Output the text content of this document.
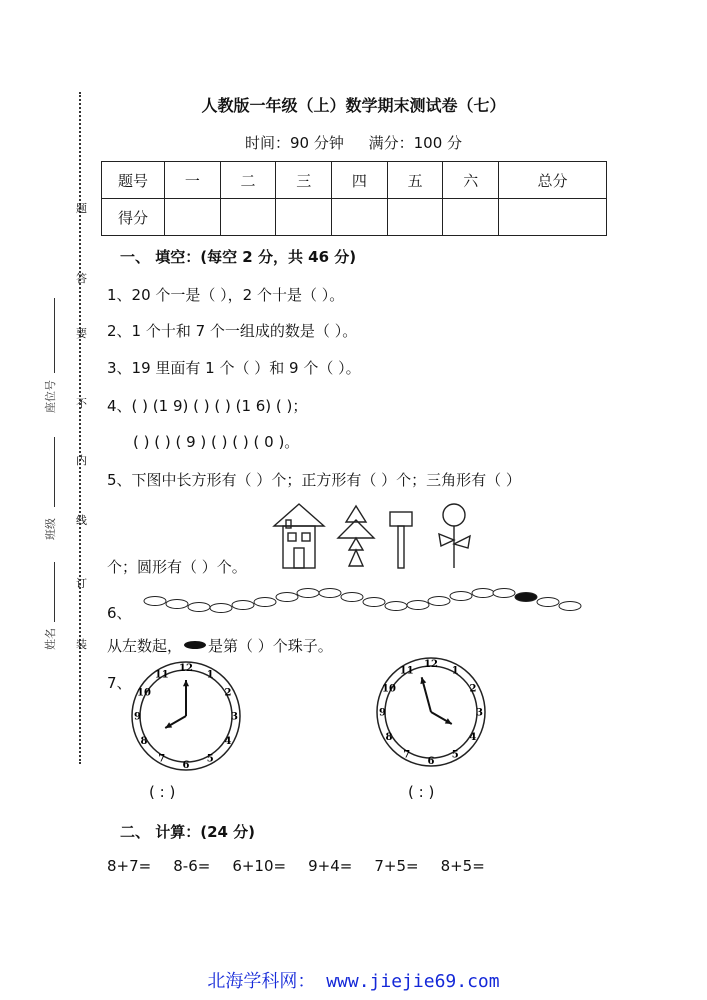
题
答
要
不
内
线
订
装
姓名
班级
座位号
人教版一年级（上）数学期末测试卷（七）
时间：90 分钟 满分：100 分
题号	一	二	三	四	五	六	总分
得分							
一、 填空：(每空 2 分，共 46 分)
1、20 个一是（ ），2 个十是（ ）。
2、1 个十和 7 个一组成的数是（ ）。
3、19 里面有 1 个（ ）和 9 个（ ）。
4、( ) (1 9) ( ) ( ) (1 6) ( )；
( ) ( ) ( 9 ) ( ) ( ) ( 0 )。
5、下图中长方形有（ ）个；正方形有（ ）个；三角形有（ ）
个；圆形有（ ）个。
6、
从左数起， 是第（ ）个珠子。
7、
12
1
2
3
4
5
6
7
8
9
10
11
12
1
2
3
4
5
6
7
8
9
10
11
( : )	( : )
二、 计算：(24 分)
8+7= 8-6= 6+10= 9+4= 7+5= 8+5=
北海学科网： www.jiejie69.com
